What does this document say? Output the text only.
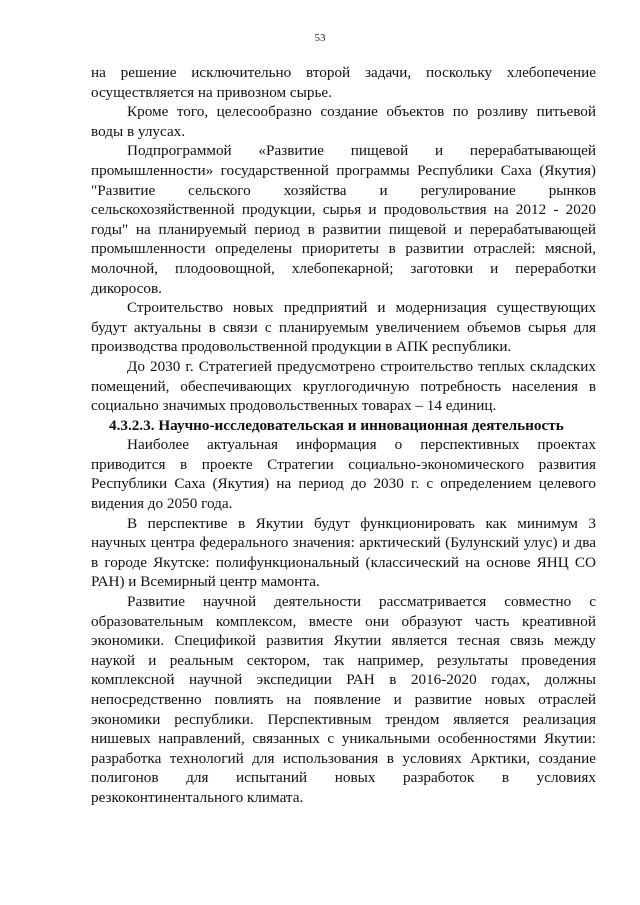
53

на решение исключительно второй задачи, поскольку хлебопечение осуществляется на привозном сырье.

Кроме того, целесообразно создание объектов по розливу питьевой воды в улусах.

Подпрограммой «Развитие пищевой и перерабатывающей промышленности» государственной программы Республики Саха (Якутия) "Развитие сельского хозяйства и регулирование рынков сельскохозяйственной продукции, сырья и продовольствия на 2012 - 2020 годы" на планируемый период в развитии пищевой и перерабатывающей промышленности определены приоритеты в развитии отраслей: мясной, молочной, плодоовощной, хлебопекарной; заготовки и переработки дикоросов.

Строительство новых предприятий и модернизация существующих будут актуальны в связи с планируемым увеличением объемов сырья для производства продовольственной продукции в АПК республики.

До 2030 г. Стратегией предусмотрено строительство теплых складских помещений, обеспечивающих круглогодичную потребность населения в социально значимых продовольственных товарах – 14 единиц.

4.3.2.3. Научно-исследовательская и инновационная деятельность

Наиболее актуальная информация о перспективных проектах приводится в проекте Стратегии социально-экономического развития Республики Саха (Якутия) на период до 2030 г. с определением целевого видения до 2050 года.

В перспективе в Якутии будут функционировать как минимум 3 научных центра федерального значения: арктический (Булунский улус) и два в городе Якутске: полифункциональный (классический на основе ЯНЦ СО РАН) и Всемирный центр мамонта.

Развитие научной деятельности рассматривается совместно с образовательным комплексом, вместе они образуют часть креативной экономики. Спецификой развития Якутии является тесная связь между наукой и реальным сектором, так например, результаты проведения комплексной научной экспедиции РАН в 2016-2020 годах, должны непосредственно повлиять на появление и развитие новых отраслей экономики республики. Перспективным трендом является реализация нишевых направлений, связанных с уникальными особенностями Якутии: разработка технологий для использования в условиях Арктики, создание полигонов для испытаний новых разработок в условиях резкоконтинентального климата.
